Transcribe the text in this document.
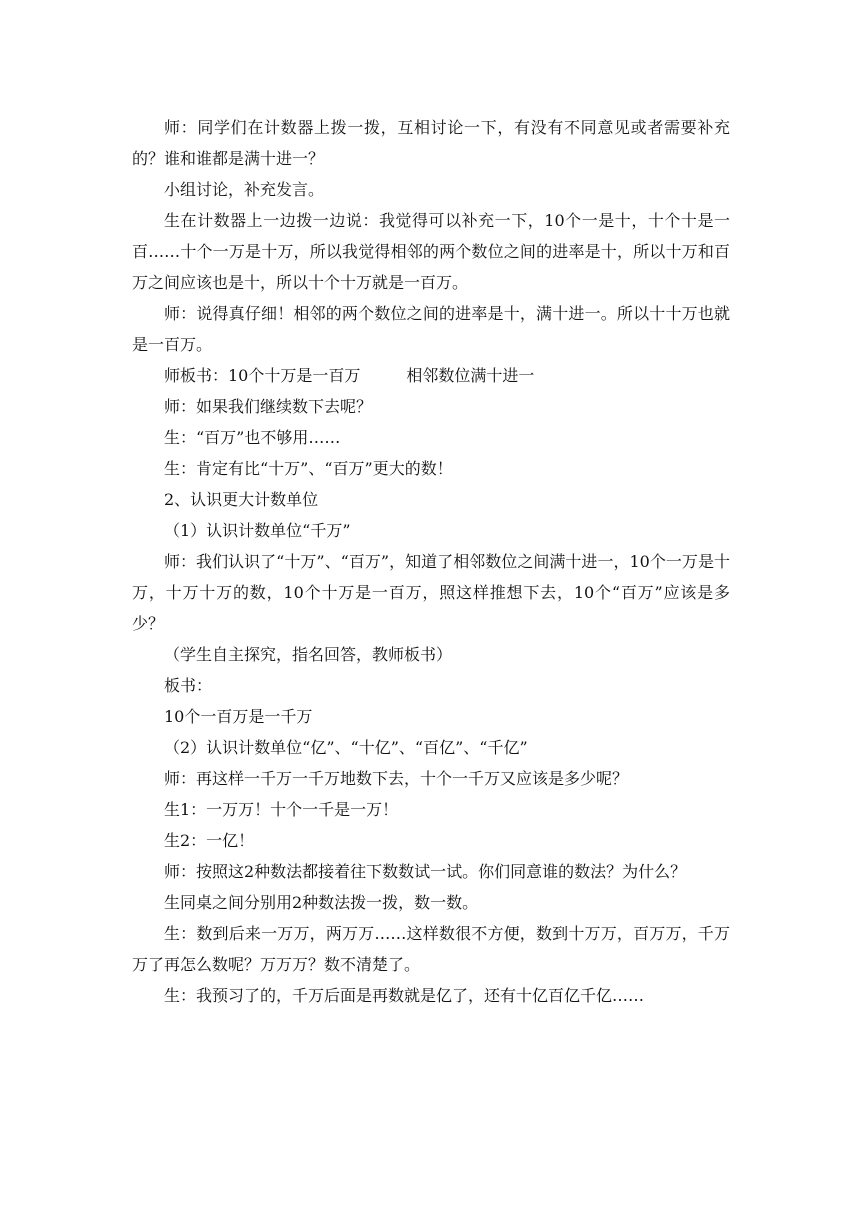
师：同学们在计数器上拨一拨，互相讨论一下，有没有不同意见或者需要补充的？谁和谁都是满十进一？

小组讨论，补充发言。

生在计数器上一边拨一边说：我觉得可以补充一下，10个一是十，十个十是一百……十个一万是十万，所以我觉得相邻的两个数位之间的进率是十，所以十万和百万之间应该也是十，所以十个十万就是一百万。

师：说得真仔细！相邻的两个数位之间的进率是十，满十进一。所以十十万也就是一百万。

师板书：10个十万是一百万	相邻数位满十进一

师：如果我们继续数下去呢？

生：“百万”也不够用……

生：肯定有比“十万”、“百万”更大的数！

2、认识更大计数单位

（1）认识计数单位“千万”

师：我们认识了“十万”、“百万”，知道了相邻数位之间满十进一，10个一万是十万，十万十万的数，10个十万是一百万，照这样推想下去，10个“百万”应该是多少？

（学生自主探究，指名回答，教师板书）

板书：

10个一百万是一千万

（2）认识计数单位“亿”、“十亿”、“百亿”、“千亿”

师：再这样一千万一千万地数下去，十个一千万又应该是多少呢？

生1：一万万！十个一千是一万！

生2：一亿！

师：按照这2种数法都接着往下数数试一试。你们同意谁的数法？为什么？

生同桌之间分别用2种数法拨一拨，数一数。

生：数到后来一万万，两万万……这样数很不方便，数到十万万，百万万，千万万了再怎么数呢？万万万？数不清楚了。

生：我预习了的，千万后面是再数就是亿了，还有十亿百亿千亿……
